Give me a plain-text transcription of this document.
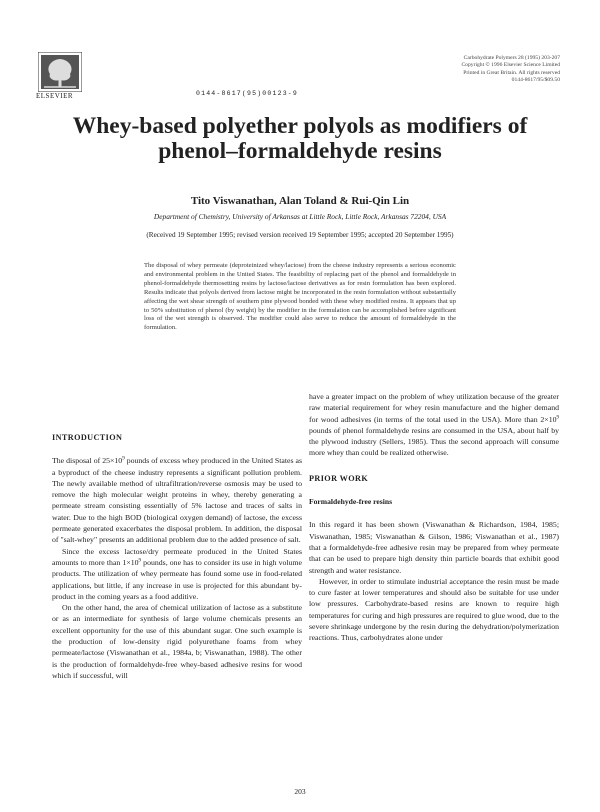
ELSEVIER
Carbohydrate Polymers 28 (1995) 203-207
Copyright © 1996 Elsevier Science Limited
Printed in Great Britain. All rights reserved
0144-8617/95/$09.50
0144-8617(95)00123-9
Whey-based polyether polyols as modifiers of
phenol–formaldehyde resins
Tito Viswanathan, Alan Toland & Rui-Qin Lin
Department of Chemistry, University of Arkansas at Little Rock, Little Rock, Arkansas 72204, USA
(Received 19 September 1995; revised version received 19 September 1995; accepted 20 September 1995)
The disposal of whey permeate (deproteinized whey/lactose) from the cheese industry represents a serious economic and environmental problem in the United States. The feasibility of replacing part of the phenol and formaldehyde in phenol-formaldehyde thermosetting resins by lactose/lactose derivatives as for resin formulation has been explored. Results indicate that polyols derived from lactose might be incorporated in the resin formulation without substantially affecting the wet shear strength of southern pine plywood bonded with these whey modified resins. It appears that up to 50% substitution of phenol (by weight) by the modifier in the formulation can be accomplished before significant loss of the wet strength is observed. The modifier could also serve to reduce the amount of formaldehyde in the formulation.
INTRODUCTION

The disposal of $25\times 10^9$ pounds of excess whey produced in the United States as a byproduct of the cheese industry represents a significant pollution problem. The newly available method of ultrafiltration/reverse osmosis may be used to remove the high molecular weight proteins in whey, thereby generating a permeate stream consisting essentially of 5% lactose and traces of salts in water. Due to the high BOD (biological oxygen demand) of lactose, the excess permeate generated exacerbates the disposal problem. In addition, the disposal of "salt-whey" presents an additional problem due to the added presence of salt.

Since the excess lactose/dry permeate produced in the United States amounts to more than $1\times 10^9$ pounds, one has to consider its use in high volume products. The utilization of whey permeate has found some use in food-related applications, but little, if any increase in use is projected for this abundant by-product in the coming years as a food additive.

On the other hand, the area of chemical utilization of lactose as a substitute or as an intermediate for synthesis of large volume chemicals presents an excellent opportunity for the use of this abundant sugar. One such example is the production of low-density rigid polyurethane foams from whey permeate/lactose (Viswanathan et al., 1984a, b; Viswanathan, 1988). The other is the production of formaldehyde-free whey-based adhesive resins for wood which if successful, will

have a greater impact on the problem of whey utilization because of the greater raw material requirement for whey resin manufacture and the higher demand for wood adhesives (in terms of the total used in the USA). More than $2\times 10^9$ pounds of phenol formaldehyde resins are consumed in the USA, about half by the plywood industry (Sellers, 1985). Thus the second approach will consume more whey than could be realized otherwise.

PRIOR WORK
Formaldehyde-free resins

In this regard it has been shown (Viswanathan & Richardson, 1984, 1985; Viswanathan, 1985; Viswanathan & Gilson, 1986; Viswanathan et al., 1987) that a formaldehyde-free adhesive resin may be prepared from whey permeate that can be used to prepare high density thin particle boards that exhibit good strength and water resistance.

However, in order to stimulate industrial acceptance the resin must be made to cure faster at lower temperatures and should also be suitable for use under low pressures. Carbohydrate-based resins are known to require high temperatures for curing and high pressures are required to glue wood, due to the severe shrinkage undergone by the resin during the dehydration/polymerization reactions. Thus, carbohydrates alone under

203
